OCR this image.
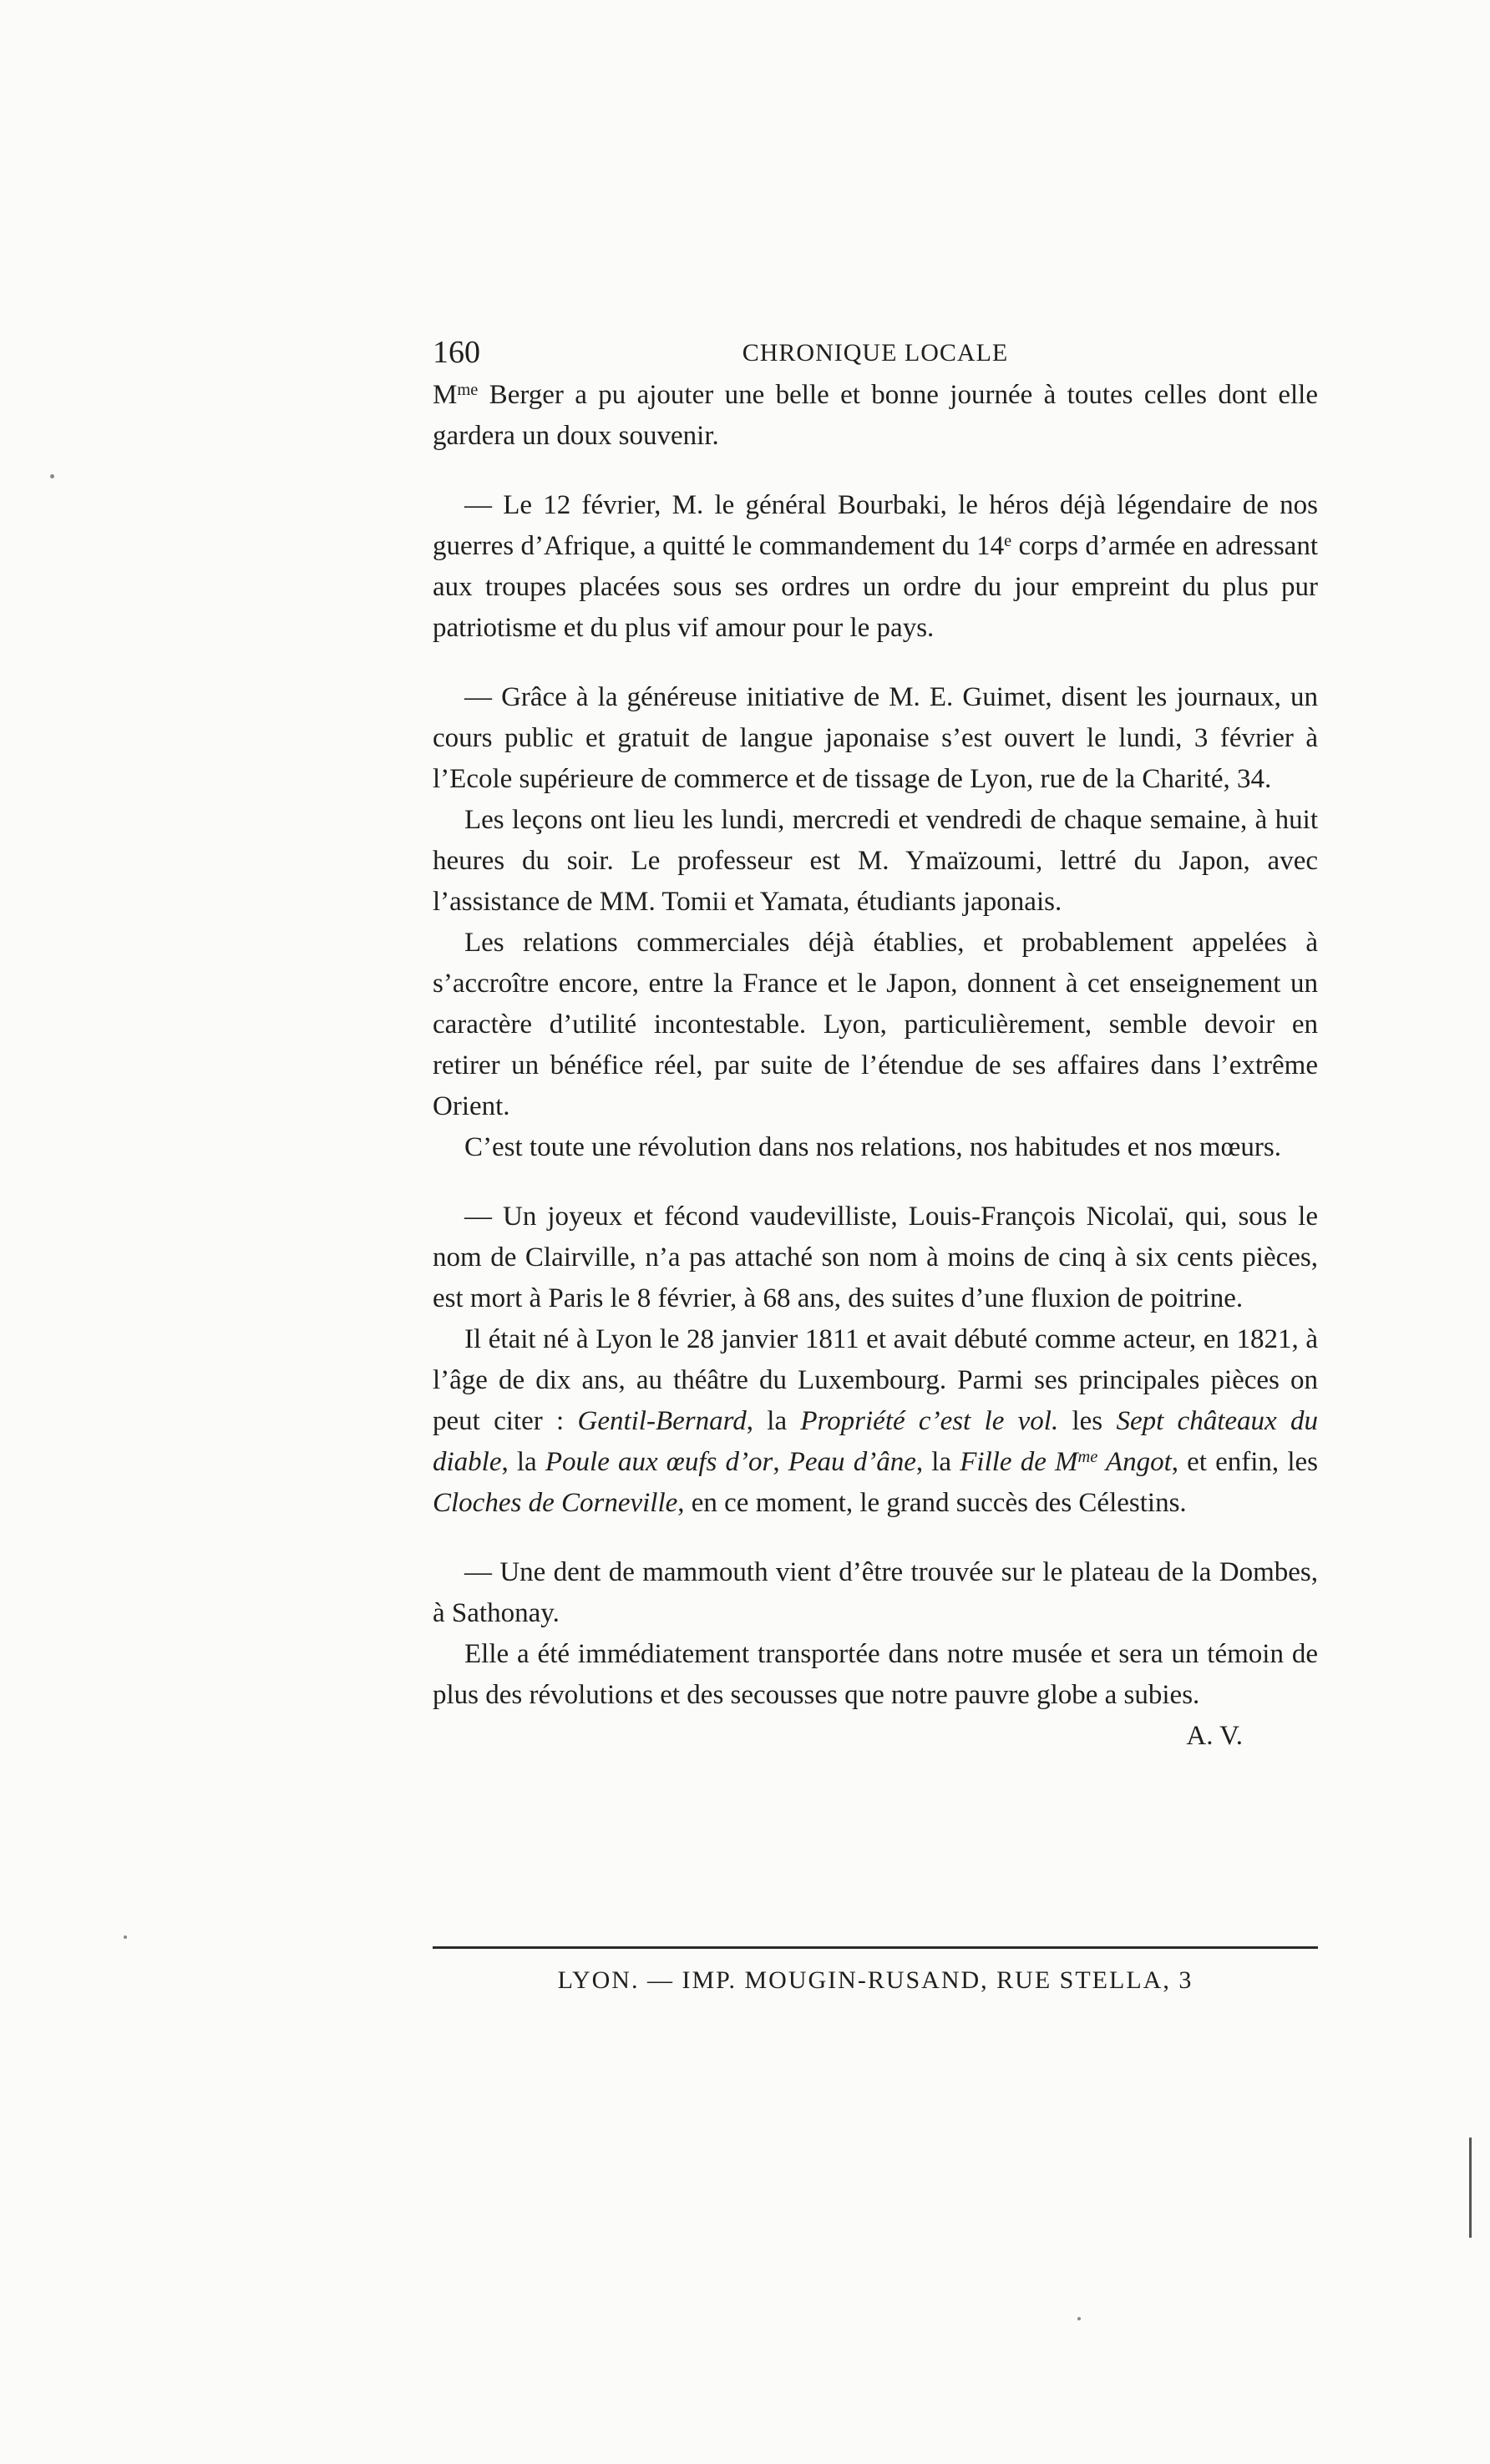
160	CHRONIQUE LOCALE

$M^{me}$ Berger a pu ajouter une belle et bonne journée à toutes celles dont elle gardera un doux souvenir.

— Le 12 février, M. le général Bourbaki, le héros déjà légendaire de nos guerres d’Afrique, a quitté le commandement du 14e corps d’armée en adressant aux troupes placées sous ses ordres un ordre du jour empreint du plus pur patriotisme et du plus vif amour pour le pays.

— Grâce à la généreuse initiative de M. E. Guimet, disent les journaux, un cours public et gratuit de langue japonaise s’est ouvert le lundi, 3 février à l’Ecole supérieure de commerce et de tissage de Lyon, rue de la Charité, 34.

Les leçons ont lieu les lundi, mercredi et vendredi de chaque semaine, à huit heures du soir. Le professeur est M. Ymaïzoumi, lettré du Japon, avec l’assistance de MM. Tomii et Yamata, étudiants japonais.

Les relations commerciales déjà établies, et probablement appelées à s’accroître encore, entre la France et le Japon, donnent à cet enseignement un caractère d’utilité incontestable. Lyon, particulièrement, semble devoir en retirer un bénéfice réel, par suite de l’étendue de ses affaires dans l’extrême Orient.

C’est toute une révolution dans nos relations, nos habitudes et nos mœurs.

— Un joyeux et fécond vaudevilliste, Louis-François Nicolaï, qui, sous le nom de Clairville, n’a pas attaché son nom à moins de cinq à six cents pièces, est mort à Paris le 8 février, à 68 ans, des suites d’une fluxion de poitrine.

Il était né à Lyon le 28 janvier 1811 et avait débuté comme acteur, en 1821, à l’âge de dix ans, au théâtre du Luxembourg. Parmi ses principales pièces on peut citer : Gentil-Bernard, la Propriété c’est le vol. les Sept châteaux du diable, la Poule aux œufs d’or, Peau d’âne, la Fille de $M^{me}$ Angot, et enfin, les Cloches de Corneville, en ce moment, le grand succès des Célestins.

— Une dent de mammouth vient d’être trouvée sur le plateau de la Dombes, à Sathonay.

Elle a été immédiatement transportée dans notre musée et sera un témoin de plus des révolutions et des secousses que notre pauvre globe a subies.
A. V.

LYON. — IMP. MOUGIN-RUSAND, RUE STELLA, 3
